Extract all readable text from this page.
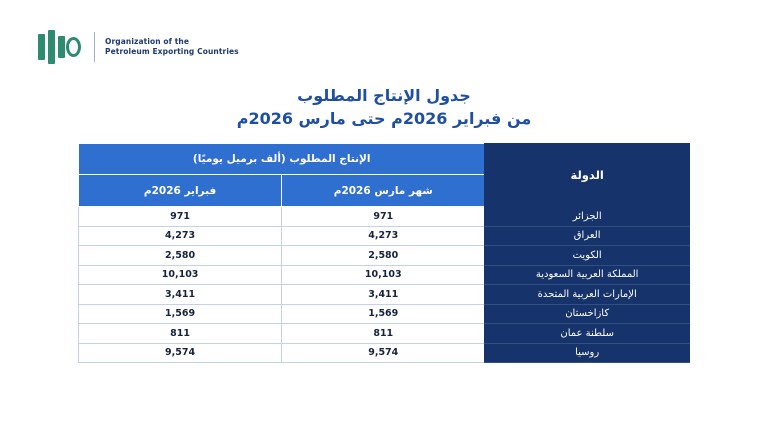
Organization of the
Petroleum Exporting Countries
جدول الإنتاج المطلوب
من فبراير 2026م حتى مارس 2026م
الدولة	الإنتاج المطلوب (ألف برميل يوميًا)	
	شهر مارس 2026م	فبراير 2026م
الجزائر	971	971
العراق	4,273	4,273
الكويت	2,580	2,580
المملكة العربية السعودية	10,103	10,103
الإمارات العربية المتحدة	3,411	3,411
كازاخستان	1,569	1,569
سلطنة عمان	811	811
روسيا	9,574	9,574
